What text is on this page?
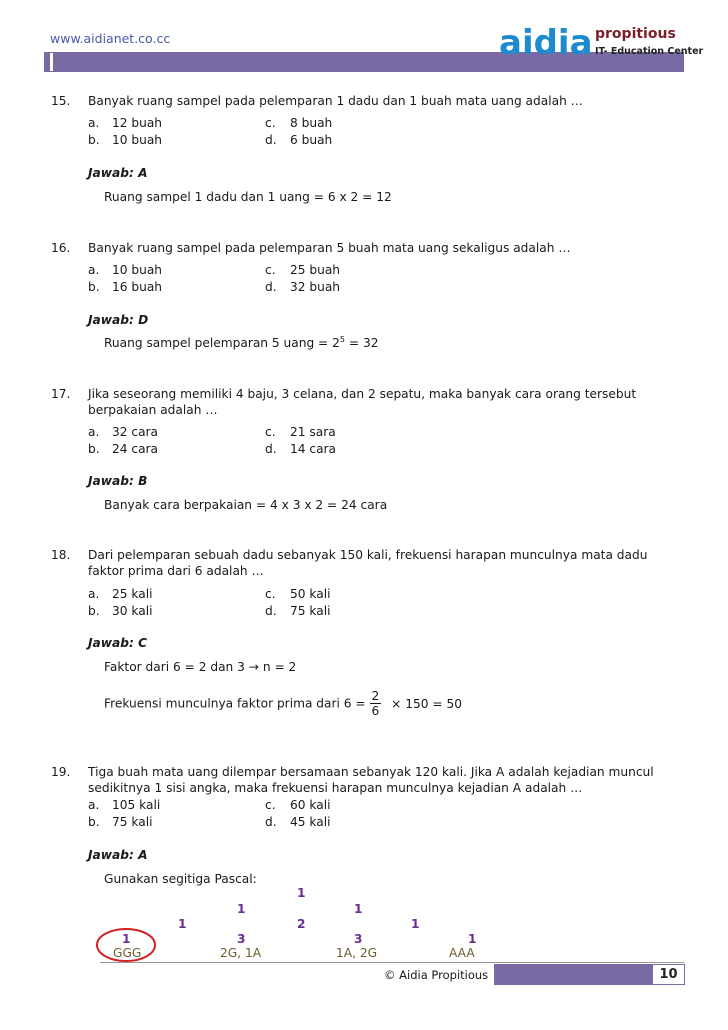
www.aidianet.co.cc	aidia propitious
IT- Education Center
15. Banyak ruang sampel pada pelemparan 1 dadu dan 1 buah mata uang adalah …
a. 12 buah
b. 10 buah
c. 8 buah
d. 6 buah
Jawab: A
Ruang sampel 1 dadu dan 1 uang = 6 x 2 = 12
16. Banyak ruang sampel pada pelemparan 5 buah mata uang sekaligus adalah …
a. 10 buah
b. 16 buah
c. 25 buah
d. 32 buah
Jawab: D
Ruang sampel pelemparan 5 uang = $2^5 = 32$
17. Jika seseorang memiliki 4 baju, 3 celana, dan 2 sepatu, maka banyak cara orang tersebut
berpakaian adalah …
a. 32 cara
b. 24 cara
c. 21 sara
d. 14 cara
Jawab: B
Banyak cara berpakaian = 4 x 3 x 2 = 24 cara
18. Dari pelemparan sebuah dadu sebanyak 150 kali, frekuensi harapan munculnya mata dadu
faktor prima dari 6 adalah …
a. 25 kali
b. 30 kali
c. 50 kali
d. 75 kali
Jawab: C
Faktor dari 6 = 2 dan 3 → n = 2
Frekuensi munculnya faktor prima dari $6 = \frac{2}{6} \times 150 = 50$
19. Tiga buah mata uang dilempar bersamaan sebanyak 120 kali. Jika A adalah kejadian muncul
sedikitnya 1 sisi angka, maka frekuensi harapan munculnya kejadian A adalah …
a. 105 kali
b. 75 kali
c. 60 kali
d. 45 kali
Jawab: A
Gunakan segitiga Pascal:
1
1	1
1	2	1
1	3	3	1
GGG	2G, 1A	1A, 2G	AAA
© Aidia Propitious	10
